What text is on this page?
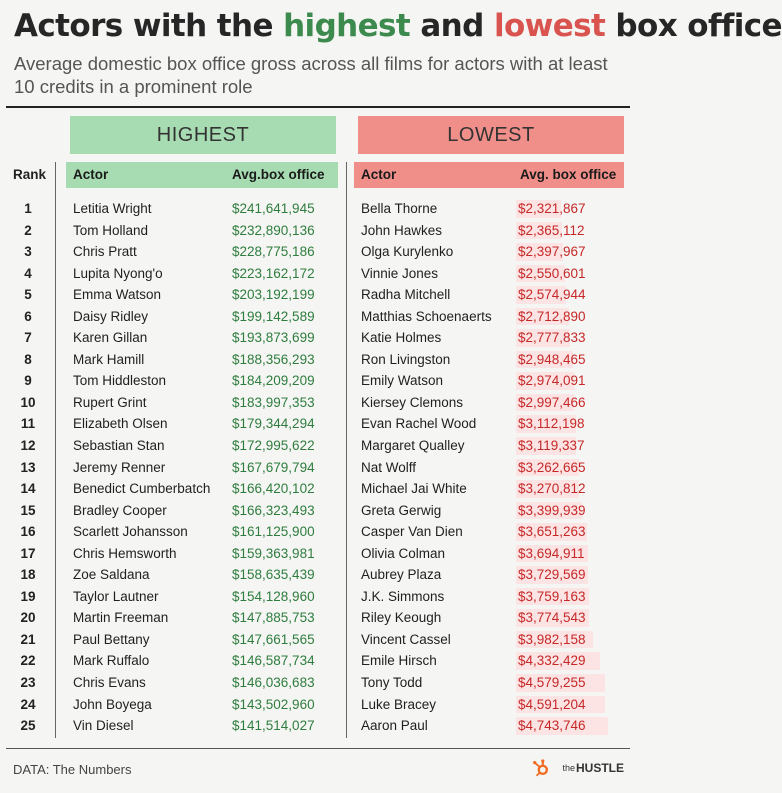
Actors with the highest and lowest box office
Average domestic box office gross across all films for actors with at least 10 credits in a prominent role
HIGHEST	LOWEST
Rank Actor	Avg.box office	Actor	Avg. box office
1	Letitia Wright	$241,641,945	Bella Thorne	$2,321,867
2	Tom Holland	$232,890,136	John Hawkes	$2,365,112
3	Chris Pratt	$228,775,186	Olga Kurylenko	$2,397,967
4	Lupita Nyong'o	$223,162,172	Vinnie Jones	$2,550,601
5	Emma Watson	$203,192,199	Radha Mitchell	$2,574,944
6	Daisy Ridley	$199,142,589	Matthias Schoenaerts $2,712,890
7	Karen Gillan	$193,873,699	Katie Holmes	$2,777,833
8	Mark Hamill	$188,356,293	Ron Livingston	$2,948,465
9	Tom Hiddleston	$184,209,209	Emily Watson	$2,974,091
10	Rupert Grint	$183,997,353	Kiersey Clemons	$2,997,466
11	Elizabeth Olsen	$179,344,294	Evan Rachel Wood	$3,112,198
12	Sebastian Stan	$172,995,622	Margaret Qualley	$3,119,337
13	Jeremy Renner	$167,679,794	Nat Wolff	$3,262,665
14	Benedict Cumberbatch $166,420,102	Michael Jai White	$3,270,812
15	Bradley Cooper	$166,323,493	Greta Gerwig	$3,399,939
16	Scarlett Johansson	$161,125,900	Casper Van Dien	$3,651,263
17	Chris Hemsworth	$159,363,981	Olivia Colman	$3,694,911
18	Zoe Saldana	$158,635,439	Aubrey Plaza	$3,729,569
19	Taylor Lautner	$154,128,960	J.K. Simmons	$3,759,163
20	Martin Freeman	$147,885,753	Riley Keough	$3,774,543
21	Paul Bettany	$147,661,565	Vincent Cassel	$3,982,158
22	Mark Ruffalo	$146,587,734	Emile Hirsch	$4,332,429
23	Chris Evans	$146,036,683	Tony Todd	$4,579,255
24	John Boyega	$143,502,960	Luke Bracey	$4,591,204
25	Vin Diesel	$141,514,027	Aaron Paul	$4,743,746
DATA: The Numbers	the HUSTLE
